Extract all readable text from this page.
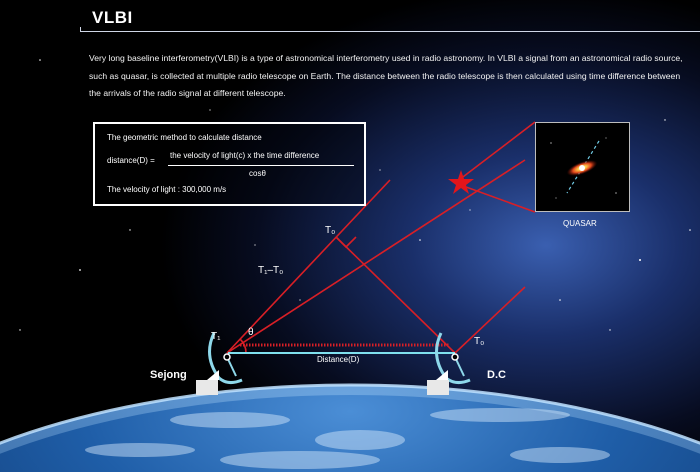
VLBI
Very long baseline interferometry(VLBI) is a type of astronomical interferometry used in radio astronomy. In VLBI a signal from an astronomical radio source, such as quasar, is collected at multiple radio telescope on Earth. The distance between the radio telescope is then calculated using time difference between the arrivals of the radio signal at different telescope.
The geometric method to calculate distance
distance(D) =
the velocity of light(c) x the time difference
cosθ
The velocity of light : 300,000 m/s
T₀
T₁–T₀
T₁	θ
T₀
Distance(D)
Sejong	D.C
QUASAR
